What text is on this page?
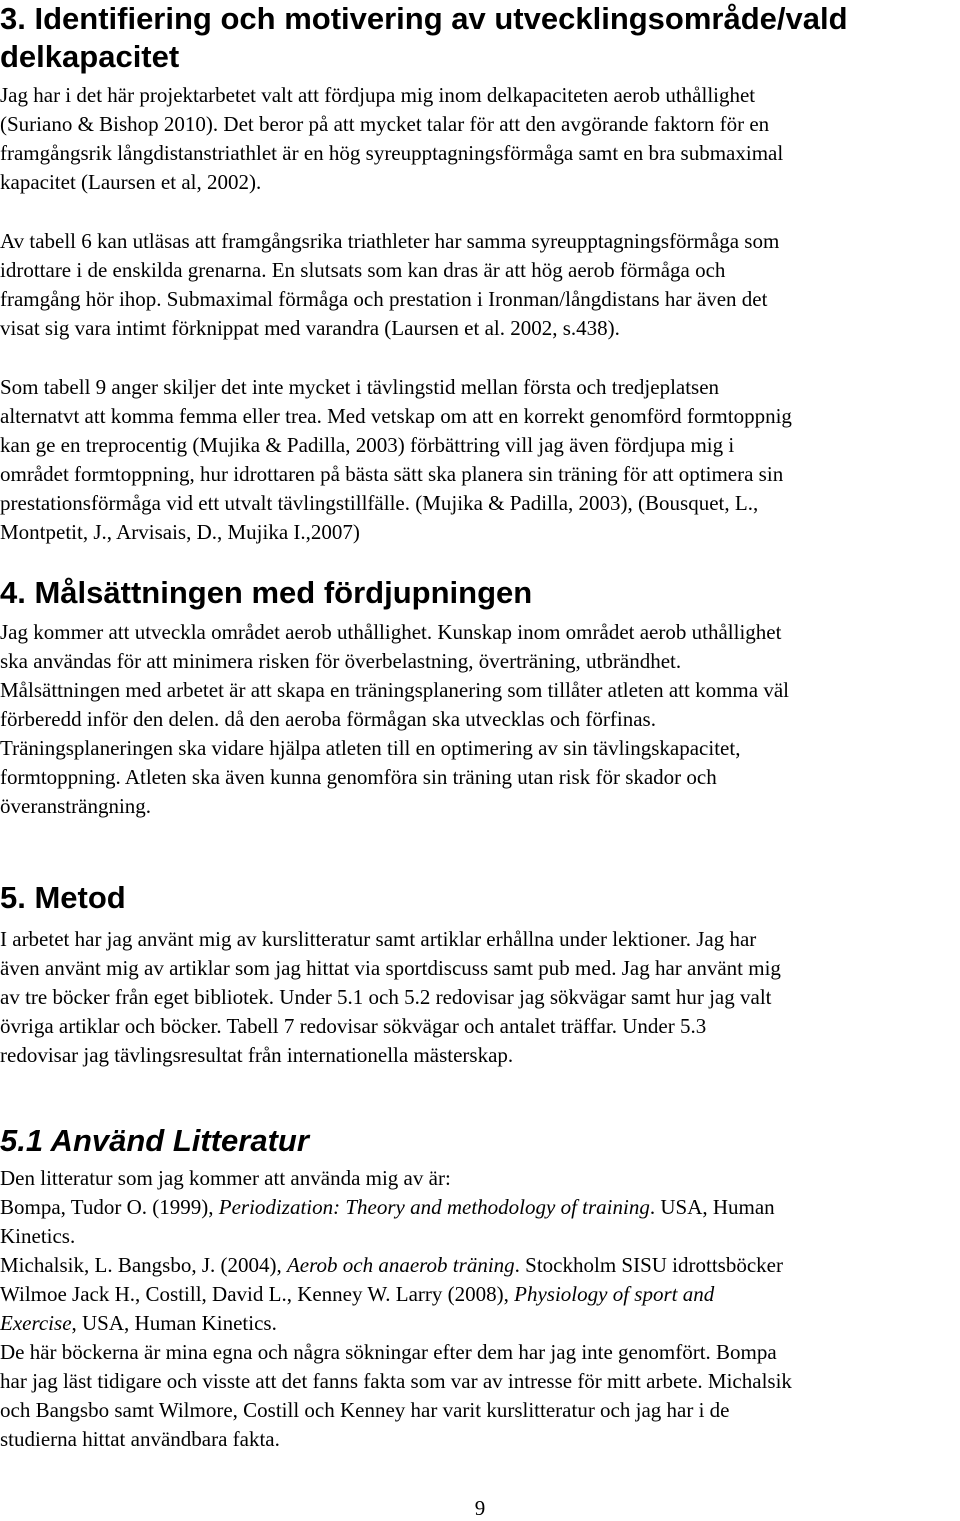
3. Identifiering och motivering av utvecklingsområde/vald
delkapacitet
Jag har i det här projektarbetet valt att fördjupa mig inom delkapaciteten aerob uthållighet
(Suriano & Bishop 2010). Det beror på att mycket talar för att den avgörande faktorn för en
framgångsrik långdistanstriathlet är en hög syreupptagningsförmåga samt en bra submaximal
kapacitet (Laursen et al, 2002).
Av tabell 6 kan utläsas att framgångsrika triathleter har samma syreupptagningsförmåga som
idrottare i de enskilda grenarna. En slutsats som kan dras är att hög aerob förmåga och
framgång hör ihop. Submaximal förmåga och prestation i Ironman/långdistans har även det
visat sig vara intimt förknippat med varandra (Laursen et al. 2002, s.438).
Som tabell 9 anger skiljer det inte mycket i tävlingstid mellan första och tredjeplatsen
alternatvt att komma femma eller trea. Med vetskap om att en korrekt genomförd formtoppnig
kan ge en treprocentig (Mujika & Padilla, 2003) förbättring vill jag även fördjupa mig i
området formtoppning, hur idrottaren på bästa sätt ska planera sin träning för att optimera sin
prestationsförmåga vid ett utvalt tävlingstillfälle. (Mujika & Padilla, 2003), (Bousquet, L.,
Montpetit, J., Arvisais, D., Mujika I.,2007)
4. Målsättningen med fördjupningen
Jag kommer att utveckla området aerob uthållighet. Kunskap inom området aerob uthållighet
ska användas för att minimera risken för överbelastning, överträning, utbrändhet.
Målsättningen med arbetet är att skapa en träningsplanering som tillåter atleten att komma väl
förberedd inför den delen. då den aeroba förmågan ska utvecklas och förfinas.
Träningsplaneringen ska vidare hjälpa atleten till en optimering av sin tävlingskapacitet,
formtoppning. Atleten ska även kunna genomföra sin träning utan risk för skador och
överansträngning.
5. Metod
I arbetet har jag använt mig av kurslitteratur samt artiklar erhållna under lektioner. Jag har
även använt mig av artiklar som jag hittat via sportdiscuss samt pub med. Jag har använt mig
av tre böcker från eget bibliotek. Under 5.1 och 5.2 redovisar jag sökvägar samt hur jag valt
övriga artiklar och böcker. Tabell 7 redovisar sökvägar och antalet träffar. Under 5.3
redovisar jag tävlingsresultat från internationella mästerskap.
5.1 Använd Litteratur
Den litteratur som jag kommer att använda mig av är:
Bompa, Tudor O. (1999), Periodization: Theory and methodology of training. USA, Human
Kinetics.
Michalsik, L. Bangsbo, J. (2004), Aerob och anaerob träning. Stockholm SISU idrottsböcker
Wilmoe Jack H., Costill, David L., Kenney W. Larry (2008), Physiology of sport and
Exercise, USA, Human Kinetics.
De här böckerna är mina egna och några sökningar efter dem har jag inte genomfört. Bompa
har jag läst tidigare och visste att det fanns fakta som var av intresse för mitt arbete. Michalsik
och Bangsbo samt Wilmore, Costill och Kenney har varit kurslitteratur och jag har i de
studierna hittat användbara fakta.
9
